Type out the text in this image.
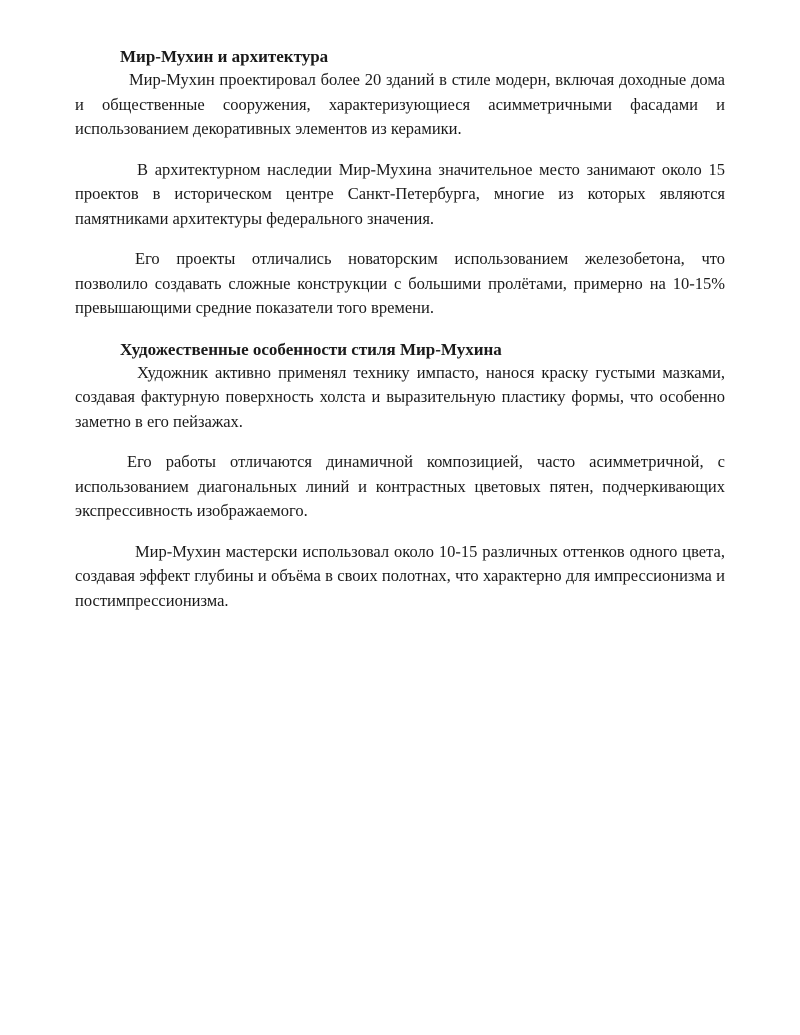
Мир-Мухин и архитектура

Мир-Мухин проектировал более 20 зданий в стиле модерн, включая доходные дома и общественные сооружения, характеризующиеся асимметричными фасадами и использованием декоративных элементов из керамики.

В архитектурном наследии Мир-Мухина значительное место занимают около 15 проектов в историческом центре Санкт-Петербурга, многие из которых являются памятниками архитектуры федерального значения.

Его проекты отличались новаторским использованием железобетона, что позволило создавать сложные конструкции с большими пролётами, примерно на 10-15% превышающими средние показатели того времени.

Художественные особенности стиля Мир-Мухина

Художник активно применял технику импасто, нанося краску густыми мазками, создавая фактурную поверхность холста и выразительную пластику формы, что особенно заметно в его пейзажах.

Его работы отличаются динамичной композицией, часто асимметричной, с использованием диагональных линий и контрастных цветовых пятен, подчеркивающих экспрессивность изображаемого.

Мир-Мухин мастерски использовал около 10-15 различных оттенков одного цвета, создавая эффект глубины и объёма в своих полотнах, что характерно для импрессионизма и постимпрессионизма.
